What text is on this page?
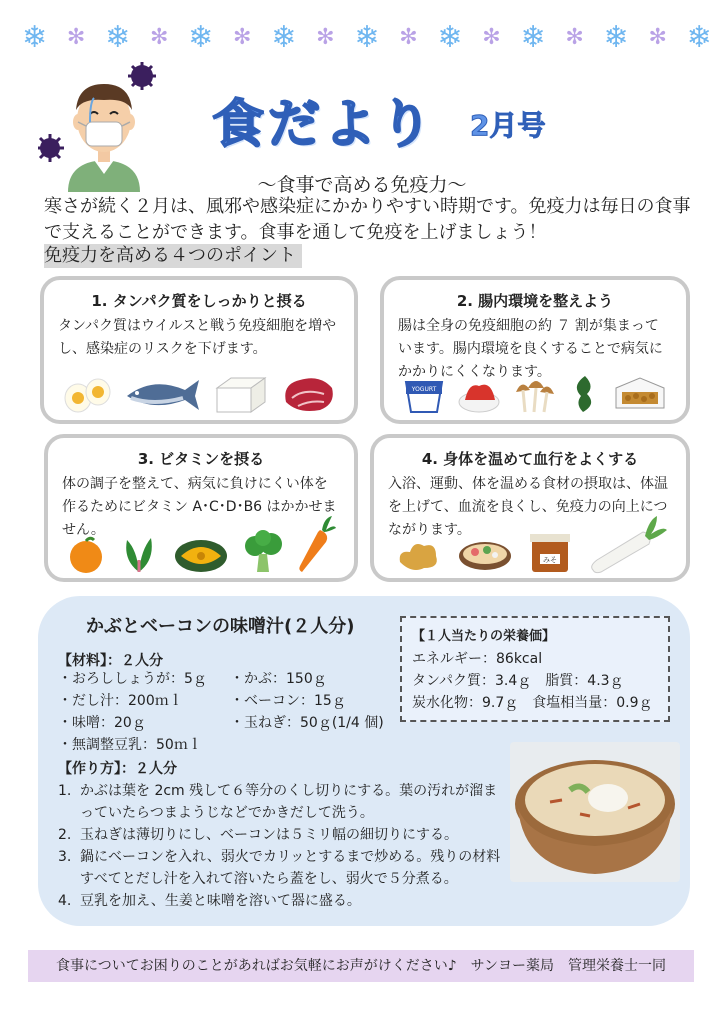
❄ ✻ ❄ ✻ ❄ ✻ ❄ ✻ ❄ ✻ ❄ ✻ ❄ ✻ ❄ ✻ ❄
食だより 2月号
〜食事で高める免疫力〜
寒さが続く２月は、風邪や感染症にかかりやすい時期です。免疫力は毎日の食事で支えることができます。食事を通して免疫を上げましょう！
免疫力を高める４つのポイント
1. タンパク質をしっかりと摂る

タンパク質はウイルスと戦う免疫細胞を増やし、感染症のリスクを下げます。

2. 腸内環境を整えよう

腸は全身の免疫細胞の約 ７ 割が集まっています。腸内環境を良くすることで病気にかかりにくくなります。

YOGURT
3. ビタミンを摂る

体の調子を整えて、病気に負けにくい体を作るためにビタミン A･C･D･B6 はかかせません。

4. 身体を温めて血行をよくする

入浴、運動、体を温める食材の摂取は、体温を上げて、血流を良くし、免疫力の向上につながります。

みそ
かぶとベーコンの味噌汁(２人分)	【１人当たりの栄養価】
エネルギー：86kcal
タンパク質：3.4ｇ　脂質：4.3ｇ
炭水化物：9.7ｇ　食塩相当量：0.9ｇ
【材料】：２人分
・おろししょうが：5ｇ
・だし汁：200ｍｌ
・味噌：20ｇ
・無調整豆乳：50ｍｌ
・かぶ：150ｇ
・ベーコン：15ｇ
・玉ねぎ：50ｇ(1/4 個)
【作り方】：２人分
1. かぶは葉を 2cm 残して６等分のくし切りにする。葉の汚れが溜まっていたらつまようじなどでかきだして洗う。
2. 玉ねぎは薄切りにし、ベーコンは５ミリ幅の細切りにする。
3. 鍋にベーコンを入れ、弱火でカリッとするまで炒める。残りの材料すべてとだし汁を入れて溶いたら蓋をし、弱火で５分煮る。
4. 豆乳を加え、生姜と味噌を溶いて器に盛る。
食事についてお困りのことがあればお気軽にお声がけください♪　サンヨー薬局　管理栄養士一同
